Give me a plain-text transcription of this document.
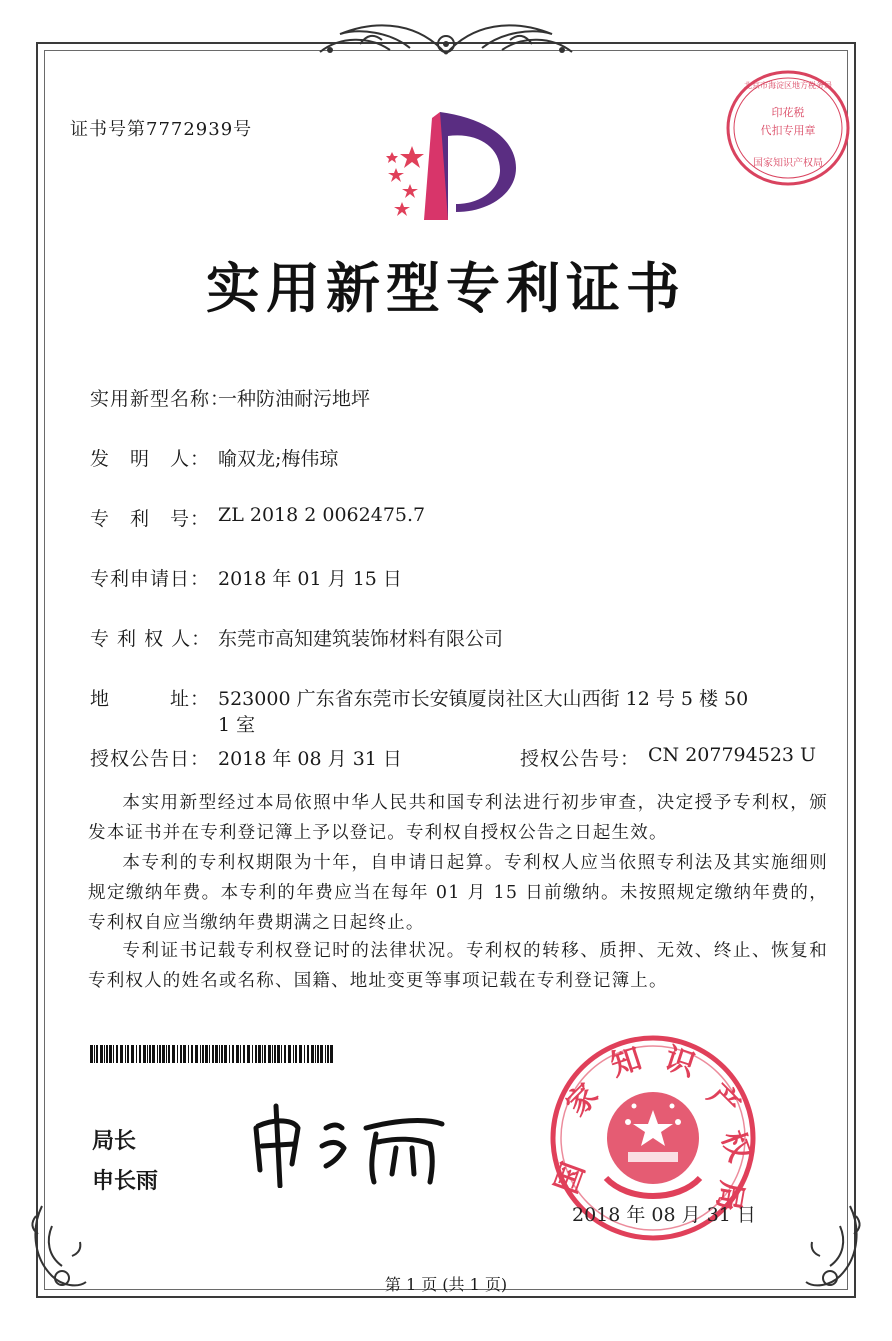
证书号第7772939号
印花税
代扣专用章
国家知识产权局
北京市海淀区地方税务局
实用新型专利证书
实用新型名称：
一种防油耐污地坪
发　明　人： 喻双龙;梅伟琼
专　利　号： ZL 2018 2 0062475.7
专利申请日： 2018 年 01 月 15 日
专 利 权 人： 东莞市高知建筑装饰材料有限公司
地　　　址： 523000 广东省东莞市长安镇厦岗社区大山西街 12 号 5 楼 50
1 室
授权公告日： 2018 年 08 月 31 日	授权公告号： CN 207794523 U
本实用新型经过本局依照中华人民共和国专利法进行初步审查，决定授予专利权，颁发本证书并在专利登记簿上予以登记。专利权自授权公告之日起生效。
本专利的专利权期限为十年，自申请日起算。专利权人应当依照专利法及其实施细则规定缴纳年费。本专利的年费应当在每年 01 月 15 日前缴纳。未按照规定缴纳年费的，专利权自应当缴纳年费期满之日起终止。
专利证书记载专利权登记时的法律状况。专利权的转移、质押、无效、终止、恢复和专利权人的姓名或名称、国籍、地址变更等事项记载在专利登记簿上。
局长
申长雨	国
家
知 识
产
权
局
2018 年 08 月 31 日
第 1 页 (共 1 页)
